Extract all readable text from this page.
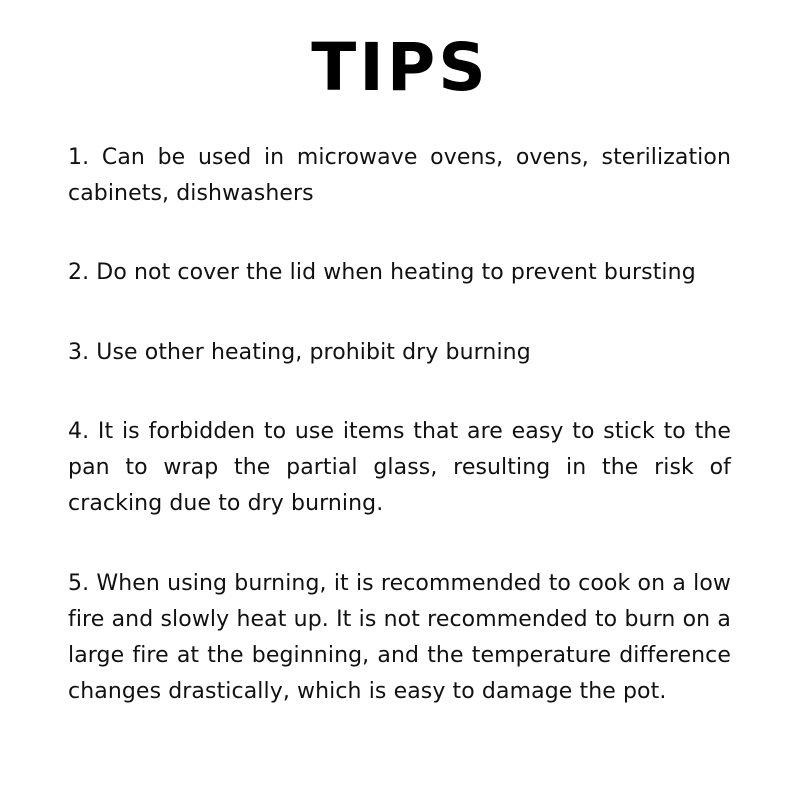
TIPS

1. Can be used in microwave ovens, ovens, sterilization cabinets, dishwashers

2. Do not cover the lid when heating to prevent bursting

3. Use other heating, prohibit dry burning

4. It is forbidden to use items that are easy to stick to the pan to wrap the partial glass, resulting in the risk of cracking due to dry burning.

5. When using burning, it is recommended to cook on a low fire and slowly heat up. It is not recommended to burn on a large fire at the beginning, and the temperature difference changes drastically, which is easy to damage the pot.
